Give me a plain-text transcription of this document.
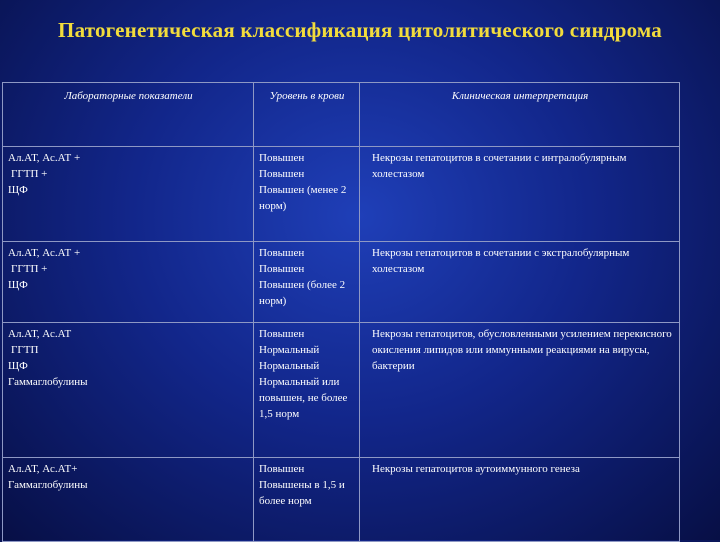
Патогенетическая классификация цитолитического синдрома
Лабораторные показатели	Уровень в крови	Клиническая интерпретация

Ал.АТ, Ас.АТ +
ГГТП +
ЩФ	Повышен
Повышен
Повышен (менее 2 норм)	Некрозы гепатоцитов в сочетании с интралобулярным холестазом

Ал.АТ, Ас.АТ +
ГГТП +
ЩФ	Повышен
Повышен
Повышен (более 2 норм)	Некрозы гепатоцитов в сочетании с экстралобулярным холестазом

Ал.АТ, Ас.АТ
ГГТП
ЩФ
Гаммаглобулины	Повышен
Нормальный
Нормальный
Нормальный или повышен, не более 1,5 норм	Некрозы гепатоцитов, обусловленными усилением перекисного окисления липидов или иммунными реакциями на вирусы, бактерии

Ал.АТ, Ас.АТ+
Гаммаглобулины	Повышен
Повышены в 1,5 и более норм	Некрозы гепатоцитов аутоиммунного генеза
